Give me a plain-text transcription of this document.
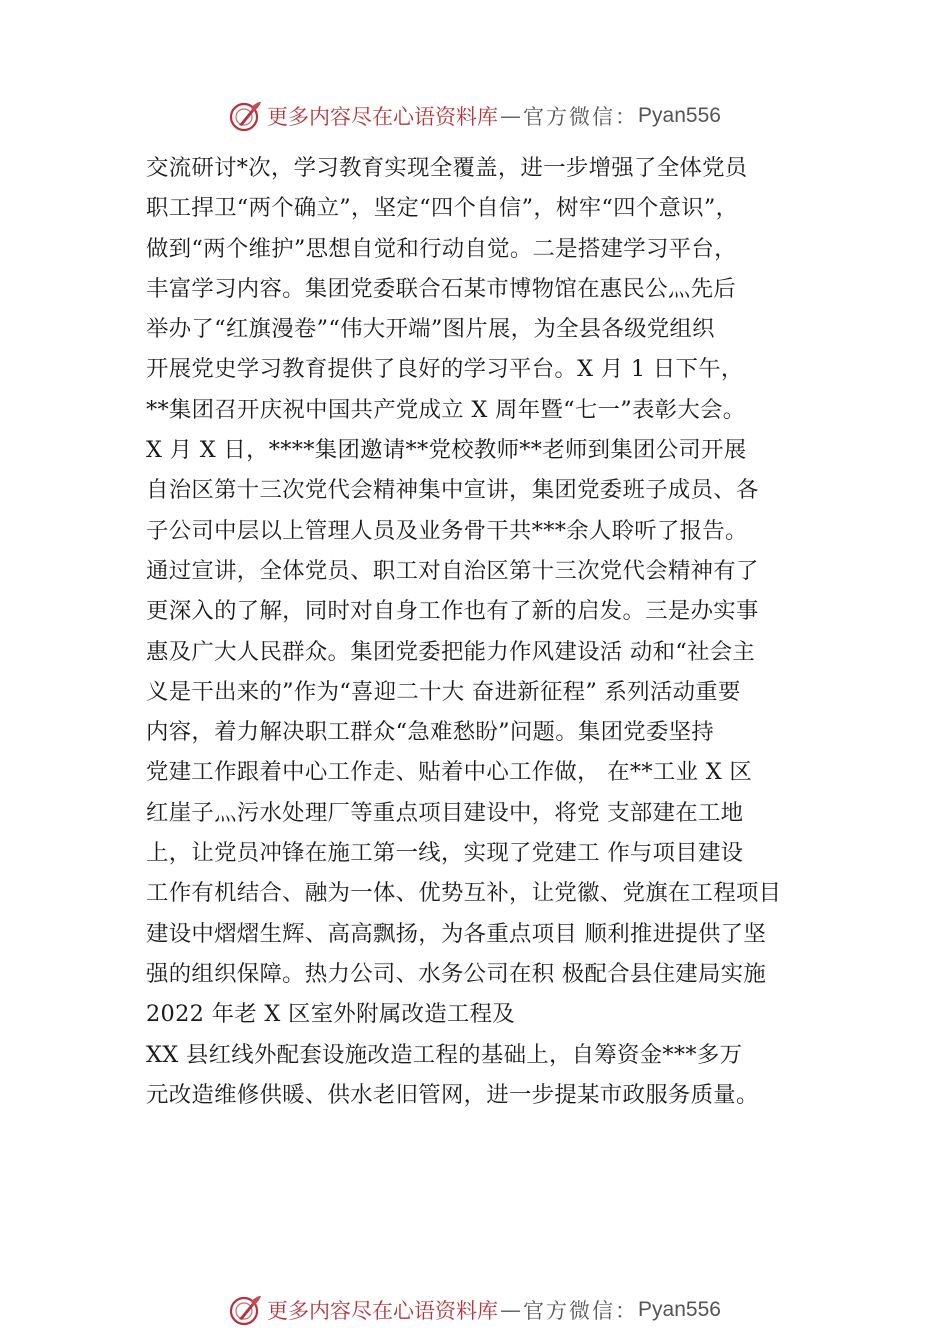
更多内容尽在心语资料库 — 官方微信： Pyan556
交流研讨*次，学习教育实现全覆盖，进一步增强了全体党员
职工捍卫“两个确立”，坚定“四个自信”，树牢“四个意识”，
做到“两个维护”思想自觉和行动自觉。二是搭建学习平台，
丰富学习内容。集团党委联合石某市博物馆在惠民公⺣先后
举办了“红旗漫卷”“伟大开端”图片展，为全县各级党组织
开展党史学习教育提供了良好的学习平台。X 月 1 日下午，
**集团召开庆祝中国共产党成立 X 周年暨“七一”表彰大会。
X 月 X 日，****集团邀请**党校教师**老师到集团公司开展
自治区第十三次党代会精神集中宣讲，集团党委班子成员、各
子公司中层以上管理人员及业务骨干共***余人聆听了报告。
通过宣讲，全体党员、职工对自治区第十三次党代会精神有了
更深入的了解，同时对自身工作也有了新的启发。三是办实事
惠及广大人民群众。集团党委把能力作风建设活 动和“社会主
义是干出来的”作为“喜迎二十大 奋进新征程” 系列活动重要
内容，着力解决职工群众“急难愁盼”问题。集团党委坚持
党建工作跟着中心工作走、贴着中心工作做， 在**工业 X 区
红崖子⺣污水处理厂等重点项目建设中，将党 支部建在工地
上，让党员冲锋在施工第一线，实现了党建工 作与项目建设
工作有机结合、融为一体、优势互补，让党徽、党旗在工程项目
建设中熠熠生辉、高高飘扬，为各重点项目 顺利推进提供了坚
强的组织保障。热力公司、水务公司在积 极配合县住建局实施
2022 年老 X 区室外附属改造工程及
XX 县红线外配套设施改造工程的基础上，自筹资金***多万
元改造维修供暖、供水老旧管网，进一步提某市政服务质量。
更多内容尽在心语资料库 — 官方微信： Pyan556
